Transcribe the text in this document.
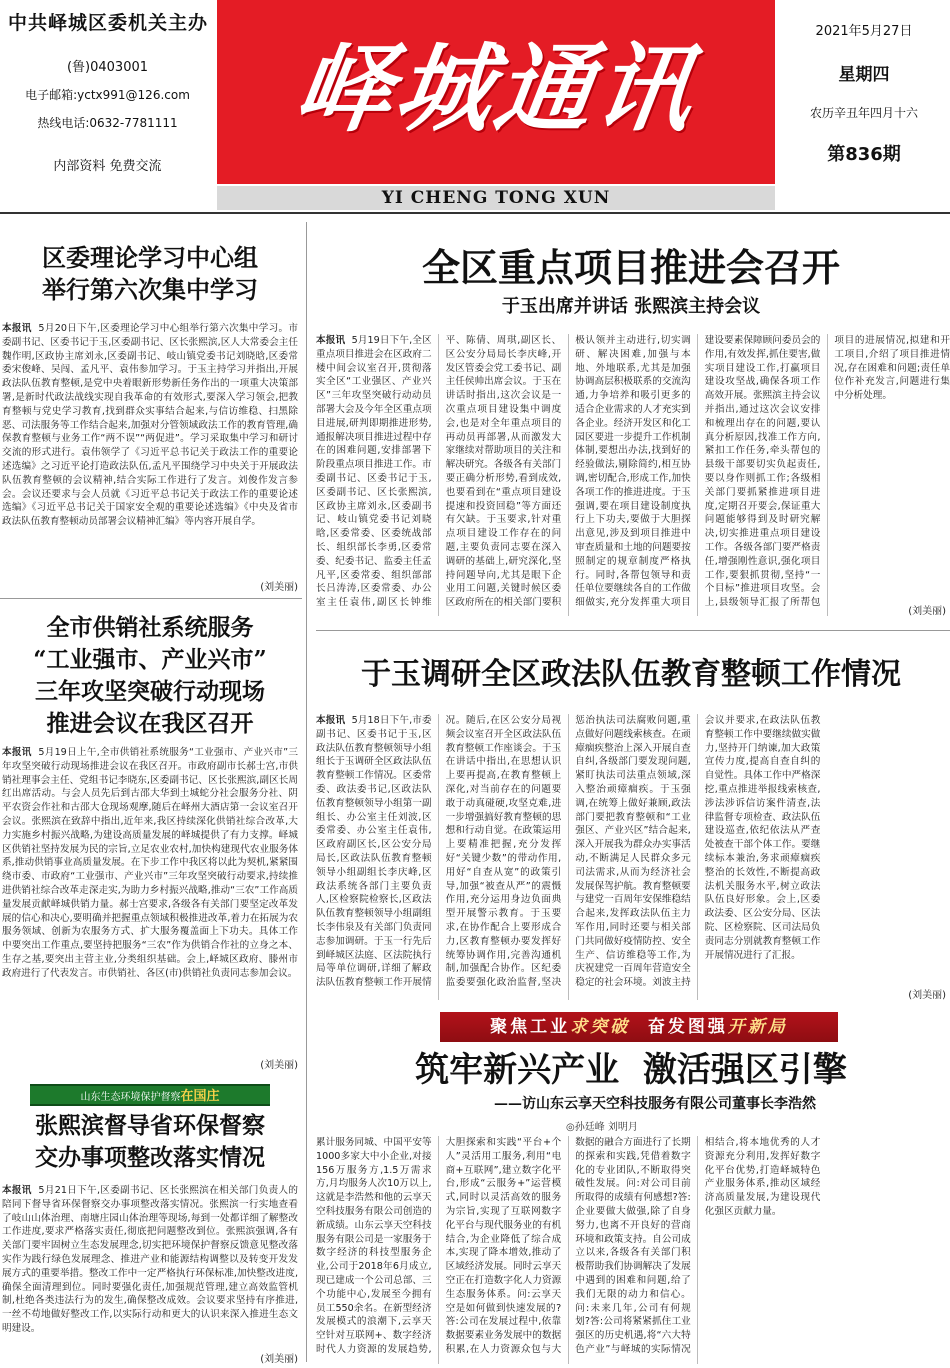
中共峄城区委机关主办
(鲁)0403001
电子邮箱:yctx991@126.com
热线电话:0632-7781111
内部资料 免费交流
峄城通讯
2021年5月27日
星期四
农历辛丑年四月十六
第836期
YI CHENG TONG XUN
区委理论学习中心组
举行第六次集中学习
本报讯 5月20日下午,区委理论学习中心组举行第六次集中学习。市委副书记、区委书记于玉,区委副书记、区长张熙滨,区人大常委会主任魏作明,区政协主席刘永,区委副书记、岐山镇党委书记刘晓晗,区委常委宋俊峰、吴闯、孟凡平、袁伟参加学习。于玉主持学习并指出,开展政法队伍教育整顿,是党中央着眼新形势新任务作出的一项重大决策部署,是新时代政法战线实现自我革命的有效形式,要深入学习领会,把教育整顿与党史学习教育,找到群众实事结合起来,与信访维稳、扫黑除恶、司法服务等工作结合起来,加强对分管领域政法工作的教育管理,确保教育整顿与业务工作“两不误”“两促进”。学习采取集中学习和研讨交流的形式进行。袁伟领学了《习近平总书记关于政法工作的重要论述选编》之习近平论打造政法队伍,孟凡平围绕学习中央关于开展政法队伍教育整顿的会议精神,结合实际工作进行了发言。刘俊作发言参会。会议还要求与会人员就《习近平总书记关于政法工作的重要论述选编》《习近平总书记关于国家安全观的重要论述选编》《中央及省市政法队伍教育整顿动员部署会议精神汇编》等内容开展自学。
(刘美丽)
全市供销社系统服务
“工业强市、产业兴市”
三年攻坚突破行动现场
推进会议在我区召开
本报讯 5月19日上午,全市供销社系统服务“工业强市、产业兴市”三年攻坚突破行动现场推进会议在我区召开。市政府副市长郝士宫,市供销社理事会主任、党组书记李晓东,区委副书记、区长张熙滨,副区长周红出席活动。与会人员先后到古邵大华到土城蛇分社会服务分社、阴平农资会作社和古邵大仓现场观摩,随后在峄州大酒店第一会议室召开会议。张熙滨在致辞中指出,近年来,我区持续深化供销社综合改革,大力实施乡村振兴战略,为建设高质量发展的峄城提供了有力支撑。峄城区供销社坚持发展为民的宗旨,立足农业农村,加快构建现代农业服务体系,推动供销事业高质量发展。在下步工作中我区将以此为契机,紧紧围绕市委、市政府“工业强市、产业兴市”三年攻坚突破行动要求,持续推进供销社综合改革走深走实,为助力乡村振兴战略,推动“三农”工作高质量发展贡献峄城供销力量。郝士宫要求,各级各有关部门要坚定改革发展的信心和决心,要明确并把握重点领域积极推进改革,着力在拓展为农服务领域、创新为农服务方式、扩大服务覆盖面上下功夫。具体工作中要突出工作重点,要坚持把服务“三农”作为供销合作社的立身之本、生存之基,要突出主营主业,分类组织基础。会上,峄城区政府、滕州市政府进行了代表发言。市供销社、各区(市)供销社负责同志参加会议。
(刘美丽)
山东生态环境保护督察在国庄
张熙滨督导省环保督察
交办事项整改落实情况
本报讯 5月21日下午,区委副书记、区长张熙滨在相关部门负责人的陪同下督导省环保督察交办事项整改落实情况。张熙滨一行实地查看了岐山山体治理、南塘庄园山体治理等现场,每到一处都详细了解整改工作进度,要求严格落实责任,彻底把问题整改到位。张熙滨强调,各有关部门要牢固树立生态发展理念,切实把环境保护督察反馈意见整改落实作为践行绿色发展理念、推进产业和能源结构调整以及转变开发发展方式的重要举措。整改工作中一定严格执行环保标准,加快整改进度,确保全面清理到位。同时要强化责任,加强规范管理,建立高效监管机制,杜绝各类违法行为的发生,确保整改成效。会议要求坚持有序推进,一丝不苟地做好整改工作,以实际行动和更大的认识来深入推进生态文明建设。
(刘美丽)
全区重点项目推进会召开
于玉出席并讲话 张熙滨主持会议
本报讯 5月19日下午,全区重点项目推进会在区政府二楼中间会议室召开,贯彻落实全区“工业强区、产业兴区”三年攻坚突破行动动员部署大会及今年全区重点项目进展,研判即期推进形势,通报解决项目推进过程中存在的困难问题,安排部署下阶段重点项目推进工作。市委副书记、区委书记于玉,区委副书记、区长张熙滨,区政协主席刘永,区委副书记、岐山镇党委书记刘晓晗,区委常委、区委统战部长、组织部长李勇,区委常委、纪委书记、监委主任孟凡平,区委常委、组织部部长吕涛涛,区委常委、办公室主任袁伟,副区长钟维平、陈倩、周琪,副区长、区公安分局局长李庆峰,开发区管委会党工委书记、副主任侯帅出席会议。于玉在讲话时指出,这次会议是一次重点项目建设集中调度会,也是对全年重点项目的再动员再部署,从而激发大家继续对帮助项目的关注和解决研究。各级各有关部门要正确分析形势,看到成效,也要看到在“重点项目建设提速和投资回稳”等方面还有欠缺。于玉要求,针对重点项目建设工作存在的问题,主要负责同志要在深入调研的基础上,研究深化,坚持问题导向,尤其是眼下企业用工问题,关键时候区委区政府所在的相关部门要积极认领并主动进行,切实调研、解决困难,加强与本地、外地联系,尤其是加强协调高层积极联系的交流沟通,力争培养和吸引更多的适合企业需求的人才充实到各企业。经济开发区和化工园区要进一步提升工作机制体制,要想出办法,找到好的经验做法,剔除简约,相互协调,密切配合,形成工作,加快各项工作的推进进度。于玉强调,要在项目建设制度执行上下功夫,要做于大胆探出意见,涉及到项目推进中审查质量和土地的问题要按照制定的规章制度严格执行。同时,各帮包领导和责任单位要继续各自的工作做细做实,充分发挥重大项目建设要素保障顾问委员会的作用,有效发挥,抓住要害,做实项目建设工作,打赢项目建设攻坚战,确保各项工作高效开展。张熙滨主持会议并指出,通过这次会议安排和梳理出存在的问题,要认真分析原因,找准工作方向,紧扣工作任务,牵头帮包的县级干部要切实负起责任,要以身作则抓工作;各级相关部门要抓紧推进项目进度,定期召开要会,保证重大问题能够得到及时研究解决,切实推进重点项目建设工作。各级各部门要严格责任,增强刚性意识,强化项目工作,要狠抓贯彻,坚持“一个目标”推进项目攻坚。会上,县级领导汇报了所帮包项目的进展情况,拟建和开工项目,介绍了项目推进情况,存在困难和问题;责任单位作补充发言,问题进行集中分析处理。
(刘美丽)
于玉调研全区政法队伍教育整顿工作情况
本报讯 5月18日下午,市委副书记、区委书记于玉,区政法队伍教育整顿领导小组组长于玉调研全区政法队伍教育整顿工作情况。区委常委、政法委书记,区政法队伍教育整顿领导小组第一副组长、办公室主任刘波,区委常委、办公室主任袁伟,区政府副区长,区公安分局局长,区政法队伍教育整顿领导小组副组长李庆峰,区政法系统各部门主要负责人,区检察院检察长,区政法队伍教育整顿领导小组副组长李伟泉及有关部门负责同志参加调研。于玉一行先后到峄城区法庭、区法院执行局等单位调研,详细了解政法队伍教育整顿工作开展情况。随后,在区公安分局视频会议室召开全区政法队伍教育整顿工作座谈会。于玉在讲话中指出,在思想认识上要再提高,在教育整顿上深化,对当前存在的问题要敢于动真碰硬,攻坚克难,进一步增强搞好教育整顿的思想和行动自觉。在政策运用上要精准把握,充分发挥好“关键少数”的带动作用,用好“自查从宽”的政策引导,加强“被查从严”的震慑作用,充分运用身边负面典型开展警示教育。于玉要求,在协作配合上要形成合力,区教育整顿办要发挥好统筹协调作用,完善沟通机制,加强配合协作。区纪委监委要强化政治监督,坚决惩治执法司法腐败问题,重点做好问题线索核查。在顽瘴痼疾整治上深入开展自查自纠,各级部门要发现问题,紧盯执法司法重点领域,深入整治顽瘴痼疾。于玉强调,在统筹上做好兼顾,政法部门要把教育整顿和“工业强区、产业兴区”结合起来,深入开展我为群众办实事活动,不断满足人民群众多元司法需求,从而为经济社会发展保驾护航。教育整顿要与建党一百周年安保维稳结合起来,发挥政法队伍主力军作用,同时还要与相关部门共同做好疫情防控、安全生产、信访维稳等工作,为庆祝建党一百周年营造安全稳定的社会环境。刘波主持会议并要求,在政法队伍教育整顿工作中要继续做实做力,坚持开门纳谏,加大政策宣传力度,提高自查自纠的自觉性。具体工作中严格深挖,重点推进举报线索核查,涉法涉诉信访案件清查,法律监督专项检查、政法队伍建设巡查,依纪依法从严查处被查干部个体工作。要继续标本兼治,务求顽瘴痼疾整治的长效性,不断提高政法机关服务水平,树立政法队伍良好形象。会上,区委政法委、区公安分局、区法院、区检察院、区司法局负责同志分别就教育整顿工作开展情况进行了汇报。
(刘美丽)
聚焦工业求突破 奋发图强开新局
筑牢新兴产业  激活强区引擎
——访山东云享天空科技服务有限公司董事长李浩然
◎孙廷峰 刘明月
累计服务同城、中国平安等1000多家大中小企业,对接156万服务方,1.5万需求方,月均服务人次10万以上,这就是李浩然和他的云享天空科技服务有限公司创造的新成绩。山东云享天空科技服务有限公司是一家服务于数字经济的科技型服务企业,公司于2018年6月成立,现已建成一个公司总部、三个功能中心,发展至今拥有员工550余名。在新型经济发展模式的浪潮下,云享天空针对互联网+、数字经济时代人力资源的发展趋势,大胆探索和实践“平台+个人”灵活用工服务,利用“电商+互联网”,建立数字化平台,形成“云服务+”运营模式,同时以灵活高效的服务为宗旨,实现了互联网数字化平台与现代服务业的有机结合,为企业降低了综合成本,实现了降本增效,推动了区域经济发展。同时云享天空正在打造数字化人力资源生态服务体系。问:云享天空是如何做到快速发展的?答:公司在发展过程中,依靠数据要素业务发展中的数据积累,在人力资源众包与大数据的融合方面进行了长期的探索和实践,凭借着数字化的专业团队,不断取得突破性发展。问:对公司目前所取得的成绩有何感想?答:企业要做大做强,除了自身努力,也离不开良好的营商环境和政策支持。自公司成立以来,各级各有关部门积极帮助我们协调解决了发展中遇到的困难和问题,给了我们无限的动力和信心。问:未来几年,公司有何规划?答:公司将紧紧抓住工业强区的历史机遇,将“六大特色产业”与峄城的实际情况相结合,将本地优秀的人才资源充分利用,发挥好数字化平台优势,打造峄城特色产业服务体系,推动区域经济高质量发展,为建设现代化强区贡献力量。
